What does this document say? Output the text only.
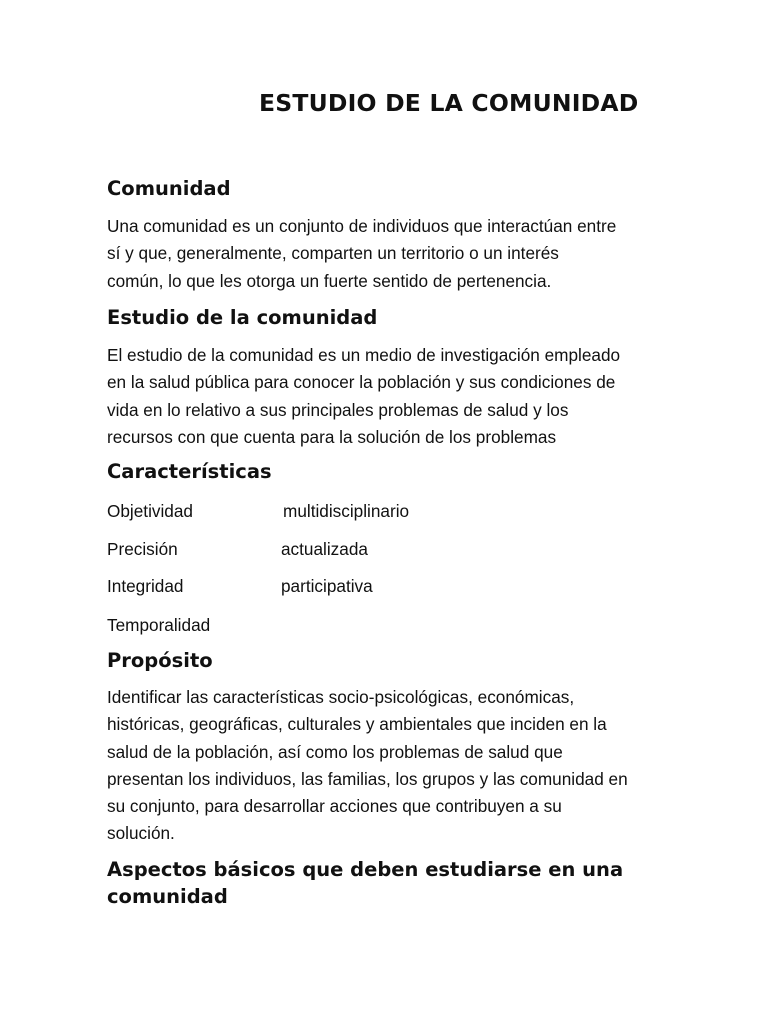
ESTUDIO DE LA COMUNIDAD
Comunidad

Una comunidad es un conjunto de individuos que interactúan entre
sí y que, generalmente, comparten un territorio o un interés
común, lo que les otorga un fuerte sentido de pertenencia.

Estudio de la comunidad

El estudio de la comunidad es un medio de investigación empleado
en la salud pública para conocer la población y sus condiciones de
vida en lo relativo a sus principales problemas de salud y los
recursos con que cuenta para la solución de los problemas

Características

Objetividad	multidisciplinario

Precisión	actualizada

Integridad	participativa

Temporalidad

Propósito

Identificar las características socio-psicológicas, económicas,
históricas, geográficas, culturales y ambientales que inciden en la
salud de la población, así como los problemas de salud que
presentan los individuos, las familias, los grupos y las comunidad en
su conjunto, para desarrollar acciones que contribuyen a su
solución.

Aspectos básicos que deben estudiarse en una
comunidad
